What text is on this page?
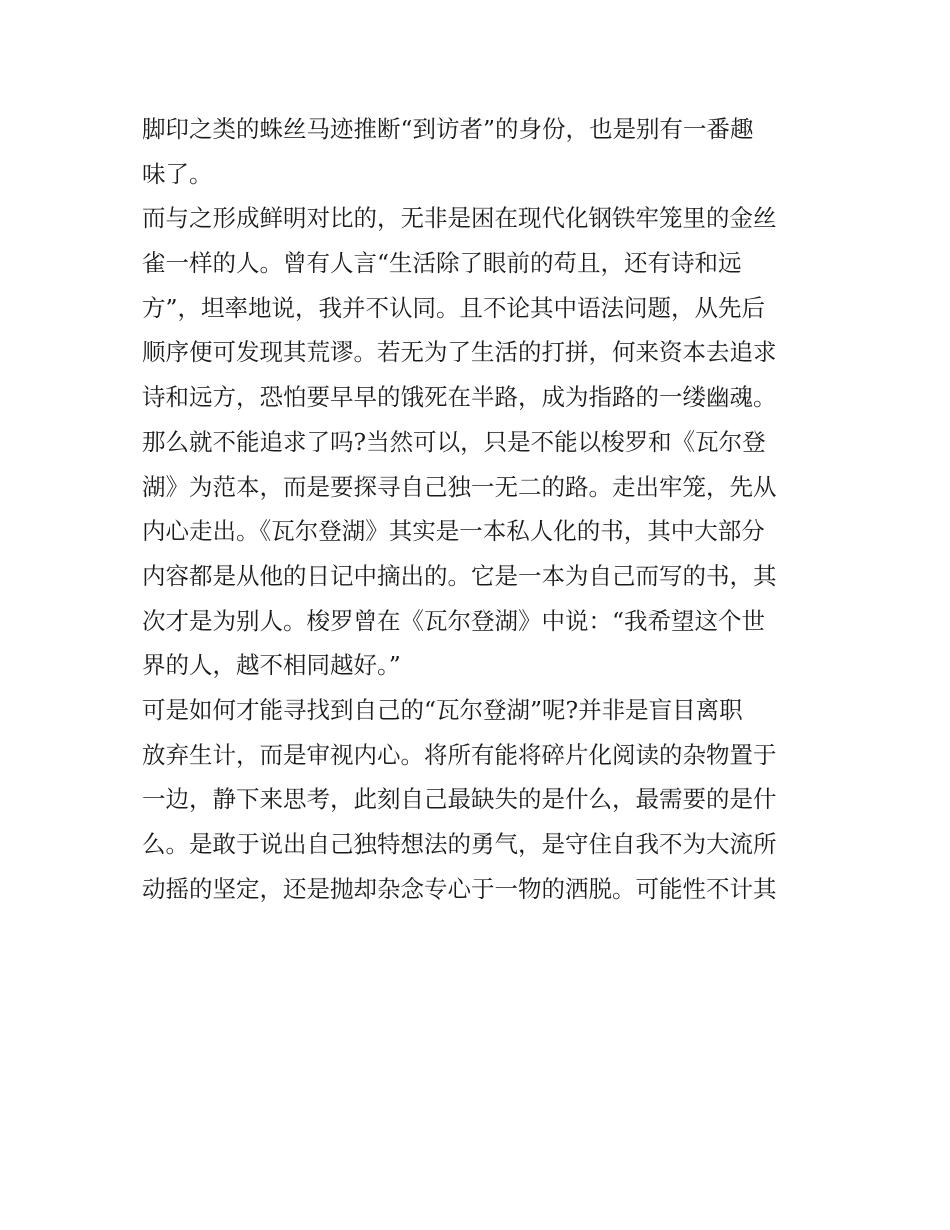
脚印之类的蛛丝马迹推断“到访者”的身份，也是别有一番趣
味了。
而与之形成鲜明对比的，无非是困在现代化钢铁牢笼里的金丝
雀一样的人。曾有人言“生活除了眼前的苟且，还有诗和远
方”，坦率地说，我并不认同。且不论其中语法问题，从先后
顺序便可发现其荒谬。若无为了生活的打拼，何来资本去追求
诗和远方，恐怕要早早的饿死在半路，成为指路的一缕幽魂。
那么就不能追求了吗?当然可以，只是不能以梭罗和《瓦尔登
湖》为范本，而是要探寻自己独一无二的路。走出牢笼，先从
内心走出。《瓦尔登湖》其实是一本私人化的书，其中大部分
内容都是从他的日记中摘出的。它是一本为自己而写的书，其
次才是为别人。梭罗曾在《瓦尔登湖》中说：“我希望这个世
界的人，越不相同越好。”
可是如何才能寻找到自己的“瓦尔登湖”呢?并非是盲目离职
放弃生计，而是审视内心。将所有能将碎片化阅读的杂物置于
一边，静下来思考，此刻自己最缺失的是什么，最需要的是什
么。是敢于说出自己独特想法的勇气，是守住自我不为大流所
动摇的坚定，还是抛却杂念专心于一物的洒脱。可能性不计其
